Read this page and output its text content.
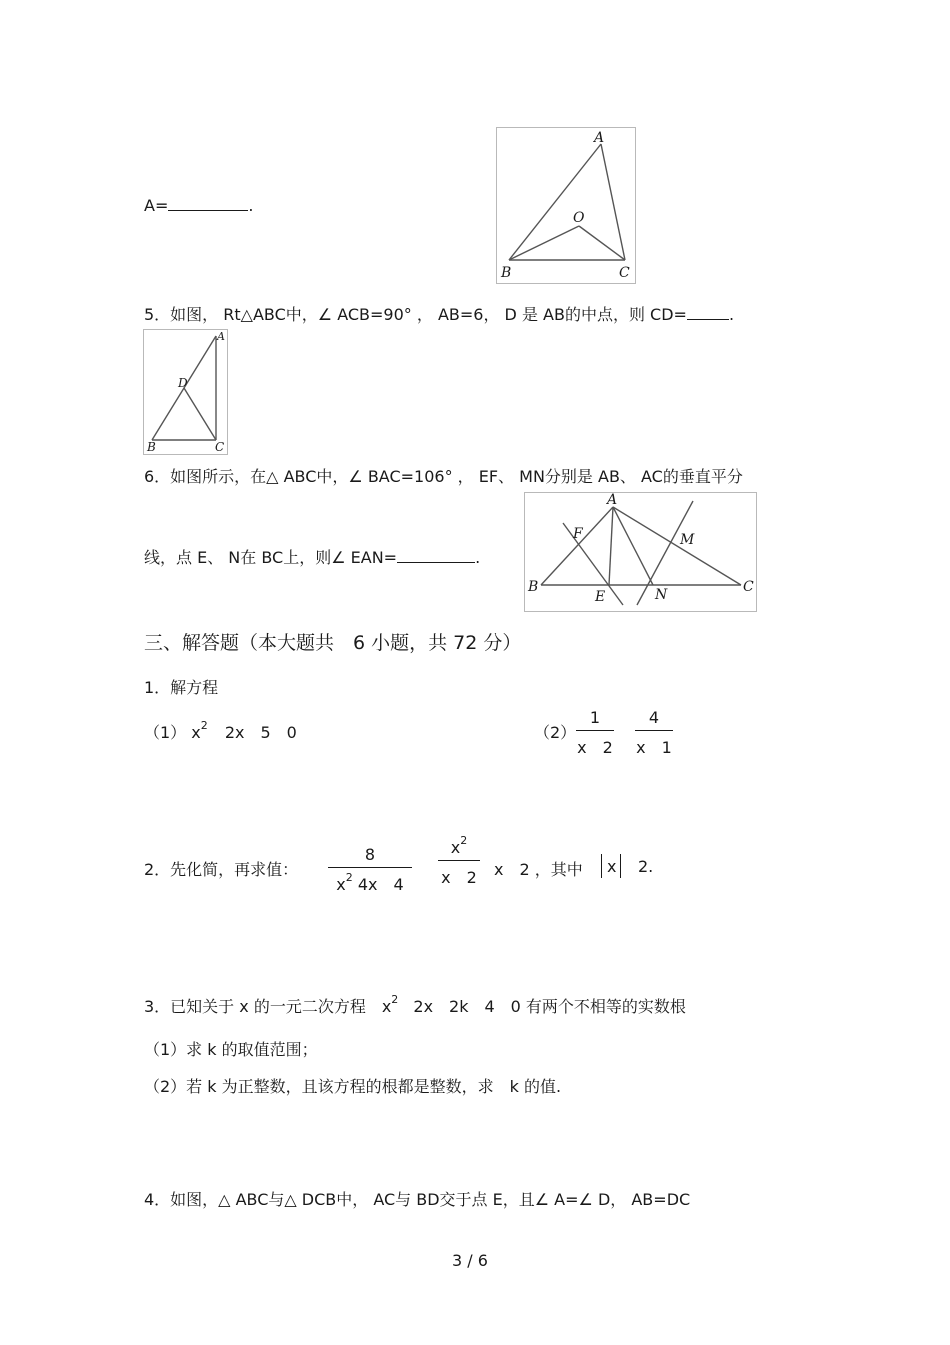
A=	.
A
O
B	C
5．如图， Rt△ABC中，∠ ACB=90° ， AB=6， D 是 AB的中点，则 CD=	.
A
D
B	C
6．如图所示，在△ ABC中，∠ BAC=106° ， EF、 MN分别是 AB、 AC的垂直平分
线，点 E、 N在 BC上，则∠ EAN=	.
A
F	M
B
E	N	C
三、解答题（本大题共　6 小题，共 72 分）
1．解方程
（1） $x^2$ 2x　5　0	（2）
1
x　2
4
x　1
2．先化简，再求值：
8
$x^2$ 4x　4
$x^2$
x　2 x　2 ，其中 x 2.
3．已知关于 x 的一元二次方程　$x^2$ 2x　2k　4　0 有两个不相等的实数根
（1）求 k 的取值范围；
（2）若 k 为正整数，且该方程的根都是整数，求　k 的值.
4．如图，△ ABC与△ DCB中， AC与 BD交于点 E，且∠ A=∠ D， AB=DC
3 / 6
